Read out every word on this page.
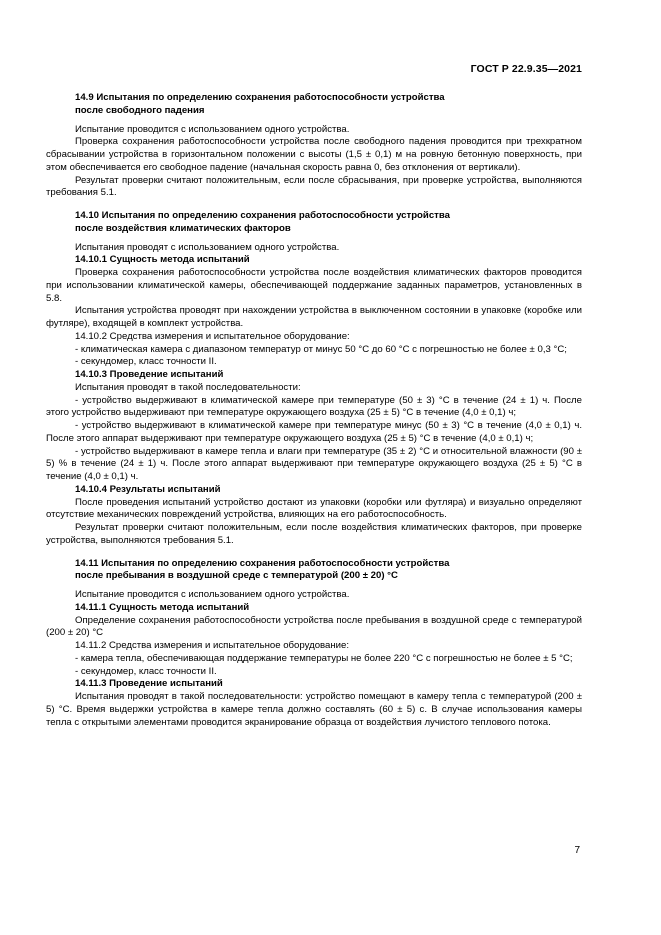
ГОСТ Р 22.9.35—2021

14.9 Испытания по определению сохранения работоспособности устройства

после свободного падения

Испытание проводится с использованием одного устройства.

Проверка сохранения работоспособности устройства после свободного падения проводится при трехкратном сбрасывании устройства в горизонтальном положении с высоты (1,5 ± 0,1) м на ровную бетонную поверхность, при этом обеспечивается его свободное падение (начальная скорость равна 0, без отклонения от вертикали).

Результат проверки считают положительным, если после сбрасывания, при проверке устройства, выполняются требования 5.1.

14.10 Испытания по определению сохранения работоспособности устройства

после воздействия климатических факторов

Испытания проводят с использованием одного устройства.

14.10.1 Сущность метода испытаний

Проверка сохранения работоспособности устройства после воздействия климатических факторов проводится при использовании климатической камеры, обеспечивающей поддержание заданных параметров, установленных в 5.8.

Испытания устройства проводят при нахождении устройства в выключенном состоянии в упаковке (коробке или футляре), входящей в комплект устройства.

14.10.2 Средства измерения и испытательное оборудование:

- климатическая камера с диапазоном температур от минус 50 °С до 60 °С с погрешностью не более ± 0,3 °С;

- секундомер, класс точности II.

14.10.3 Проведение испытаний

Испытания проводят в такой последовательности:

- устройство выдерживают в климатической камере при температуре (50 ± 3) °С в течение (24 ± 1) ч. После этого устройство выдерживают при температуре окружающего воздуха (25 ± 5) °С в течение (4,0 ± 0,1) ч;

- устройство выдерживают в климатической камере при температуре минус (50 ± 3) °С в течение (4,0 ± 0,1) ч. После этого аппарат выдерживают при температуре окружающего воздуха (25 ± 5) °С в течение (4,0 ± 0,1) ч;

- устройство выдерживают в камере тепла и влаги при температуре (35 ± 2) °С и относительной влажности (90 ± 5) % в течение (24 ± 1) ч. После этого аппарат выдерживают при температуре окружающего воздуха (25 ± 5) °С в течение (4,0 ± 0,1) ч.

14.10.4 Результаты испытаний

После проведения испытаний устройство достают из упаковки (коробки или футляра) и визуально определяют отсутствие механических повреждений устройства, влияющих на его работоспособность.

Результат проверки считают положительным, если после воздействия климатических факторов, при проверке устройства, выполняются требования 5.1.

14.11 Испытания по определению сохранения работоспособности устройства

после пребывания в воздушной среде с температурой (200 ± 20) °С

Испытание проводится с использованием одного устройства.

14.11.1 Сущность метода испытаний

Определение сохранения работоспособности устройства после пребывания в воздушной среде с температурой (200 ± 20) °С

14.11.2 Средства измерения и испытательное оборудование:

- камера тепла, обеспечивающая поддержание температуры не более 220 °С с погрешностью не более ± 5 °С;

- секундомер, класс точности II.

14.11.3 Проведение испытаний

Испытания проводят в такой последовательности: устройство помещают в камеру тепла с температурой (200 ± 5) °С. Время выдержки устройства в камере тепла должно составлять (60 ± 5) с. В случае использования камеры тепла с открытыми элементами проводится экранирование образца от воздействия лучистого теплового потока.

7
